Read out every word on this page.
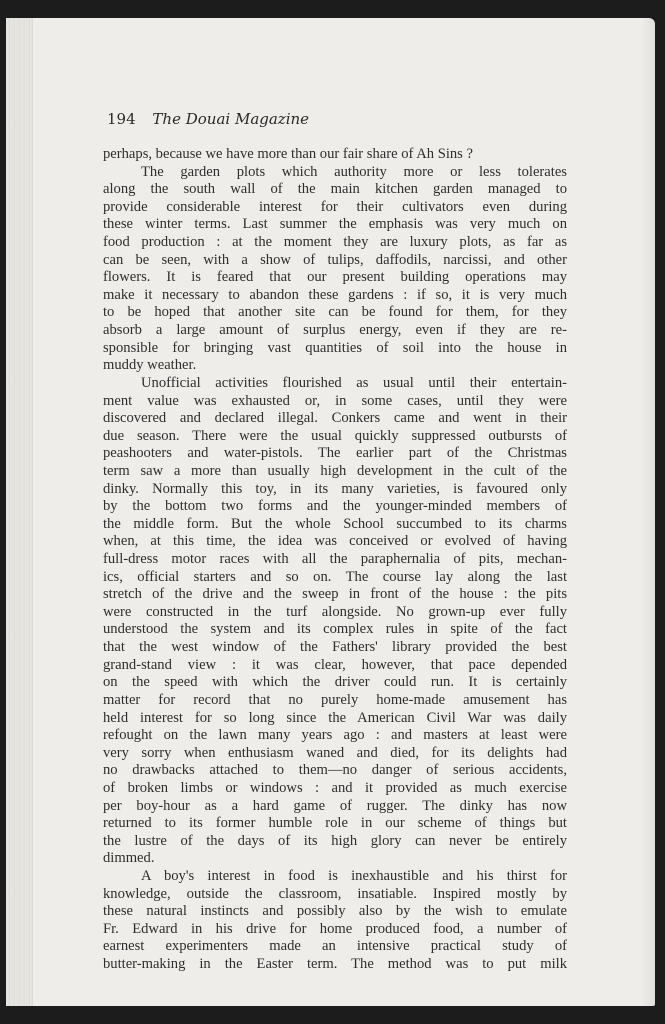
194 The Douai Magazine
perhaps, because we have more than our fair share of Ah Sins ?
The garden plots which authority more or less tolerates
along the south wall of the main kitchen garden managed to
provide considerable interest for their cultivators even during
these winter terms. Last summer the emphasis was very much on
food production : at the moment they are luxury plots, as far as
can be seen, with a show of tulips, daffodils, narcissi, and other
flowers. It is feared that our present building operations may
make it necessary to abandon these gardens : if so, it is very much
to be hoped that another site can be found for them, for they
absorb a large amount of surplus energy, even if they are re-
sponsible for bringing vast quantities of soil into the house in
muddy weather.
Unofficial activities flourished as usual until their entertain-
ment value was exhausted or, in some cases, until they were
discovered and declared illegal. Conkers came and went in their
due season. There were the usual quickly suppressed outbursts of
peashooters and water-pistols. The earlier part of the Christmas
term saw a more than usually high development in the cult of the
dinky. Normally this toy, in its many varieties, is favoured only
by the bottom two forms and the younger-minded members of
the middle form. But the whole School succumbed to its charms
when, at this time, the idea was conceived or evolved of having
full-dress motor races with all the paraphernalia of pits, mechan-
ics, official starters and so on. The course lay along the last
stretch of the drive and the sweep in front of the house : the pits
were constructed in the turf alongside. No grown-up ever fully
understood the system and its complex rules in spite of the fact
that the west window of the Fathers' library provided the best
grand-stand view : it was clear, however, that pace depended
on the speed with which the driver could run. It is certainly
matter for record that no purely home-made amusement has
held interest for so long since the American Civil War was daily
refought on the lawn many years ago : and masters at least were
very sorry when enthusiasm waned and died, for its delights had
no drawbacks attached to them—no danger of serious accidents,
of broken limbs or windows : and it provided as much exercise
per boy-hour as a hard game of rugger. The dinky has now
returned to its former humble role in our scheme of things but
the lustre of the days of its high glory can never be entirely
dimmed.
A boy's interest in food is inexhaustible and his thirst for
knowledge, outside the classroom, insatiable. Inspired mostly by
these natural instincts and possibly also by the wish to emulate
Fr. Edward in his drive for home produced food, a number of
earnest experimenters made an intensive practical study of
butter-making in the Easter term. The method was to put milk
